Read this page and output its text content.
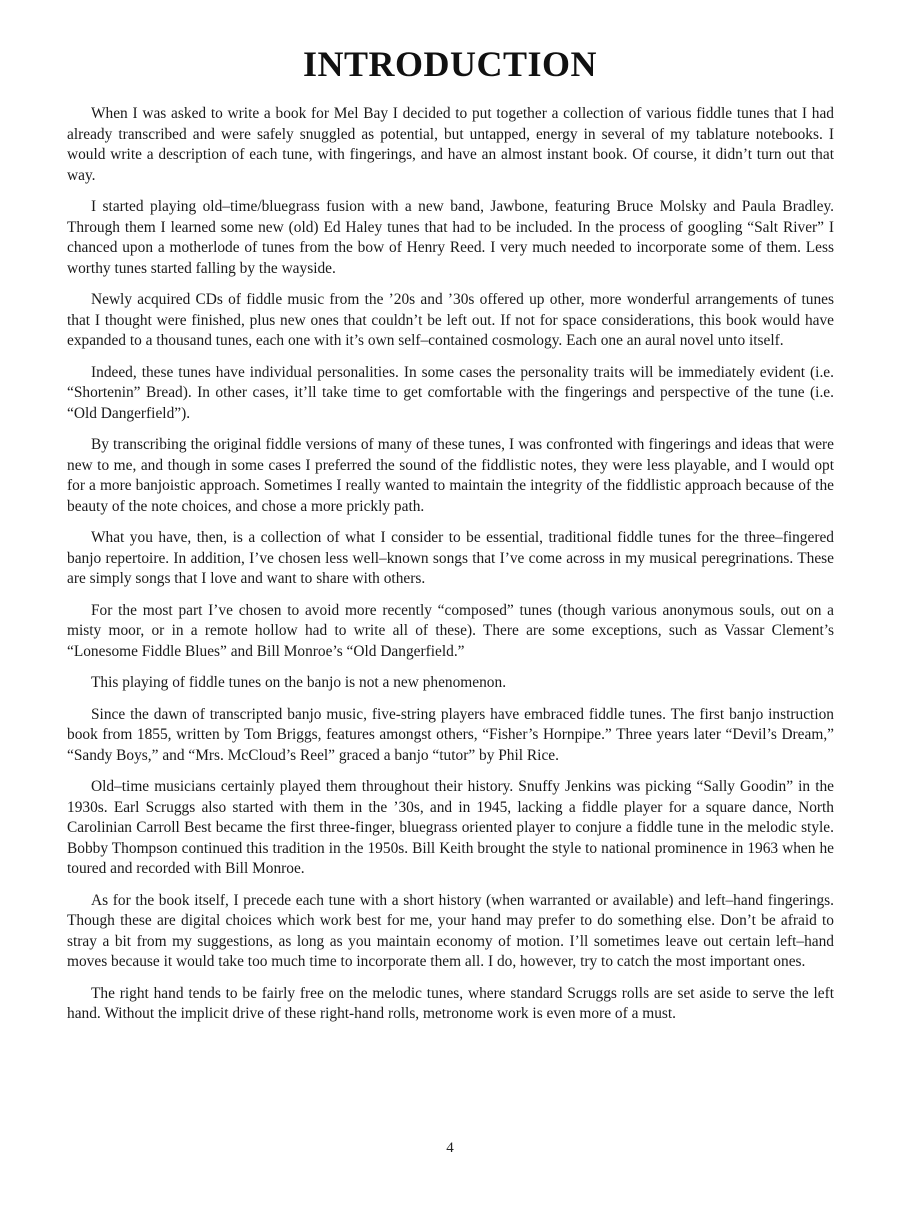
INTRODUCTION

When I was asked to write a book for Mel Bay I decided to put together a collection of various fiddle tunes that I had already transcribed and were safely snuggled as potential, but untapped, energy in several of my tablature notebooks. I would write a description of each tune, with fingerings, and have an almost instant book. Of course, it didn’t turn out that way.

I started playing old–time/bluegrass fusion with a new band, Jawbone, featuring Bruce Molsky and Paula Bradley. Through them I learned some new (old) Ed Haley tunes that had to be included. In the process of googling “Salt River” I chanced upon a motherlode of tunes from the bow of Henry Reed. I very much needed to incorporate some of them. Less worthy tunes started falling by the wayside.

Newly acquired CDs of fiddle music from the ’20s and ’30s offered up other, more wonderful arrangements of tunes that I thought were finished, plus new ones that couldn’t be left out. If not for space considerations, this book would have expanded to a thousand tunes, each one with it’s own self–contained cosmology. Each one an aural novel unto itself.

Indeed, these tunes have individual personalities. In some cases the personality traits will be immediately evident (i.e. “Shortenin” Bread). In other cases, it’ll take time to get comfortable with the fingerings and perspective of the tune (i.e. “Old Dangerfield”).

By transcribing the original fiddle versions of many of these tunes, I was confronted with fingerings and ideas that were new to me, and though in some cases I preferred the sound of the fiddlistic notes, they were less playable, and I would opt for a more banjoistic approach. Sometimes I really wanted to maintain the integrity of the fiddlistic approach because of the beauty of the note choices, and chose a more prickly path.

What you have, then, is a collection of what I consider to be essential, traditional fiddle tunes for the three–fingered banjo repertoire. In addition, I’ve chosen less well–known songs that I’ve come across in my musical peregrinations. These are simply songs that I love and want to share with others.

For the most part I’ve chosen to avoid more recently “composed” tunes (though various anonymous souls, out on a misty moor, or in a remote hollow had to write all of these). There are some exceptions, such as Vassar Clement’s “Lonesome Fiddle Blues” and Bill Monroe’s “Old Dangerfield.”

This playing of fiddle tunes on the banjo is not a new phenomenon.

Since the dawn of transcripted banjo music, five-string players have embraced fiddle tunes. The first banjo instruction book from 1855, written by Tom Briggs, features amongst others, “Fisher’s Hornpipe.” Three years later “Devil’s Dream,” “Sandy Boys,” and “Mrs. McCloud’s Reel” graced a banjo “tutor” by Phil Rice.

Old–time musicians certainly played them throughout their history. Snuffy Jenkins was picking “Sally Goodin” in the 1930s. Earl Scruggs also started with them in the ’30s, and in 1945, lacking a fiddle player for a square dance, North Carolinian Carroll Best became the first three-finger, bluegrass oriented player to conjure a fiddle tune in the melodic style. Bobby Thompson continued this tradition in the 1950s. Bill Keith brought the style to national prominence in 1963 when he toured and recorded with Bill Monroe.

As for the book itself, I precede each tune with a short history (when warranted or available) and left–hand fingerings. Though these are digital choices which work best for me, your hand may prefer to do something else. Don’t be afraid to stray a bit from my suggestions, as long as you maintain economy of motion. I’ll sometimes leave out certain left–hand moves because it would take too much time to incorporate them all. I do, however, try to catch the most important ones.

The right hand tends to be fairly free on the melodic tunes, where standard Scruggs rolls are set aside to serve the left hand. Without the implicit drive of these right-hand rolls, metronome work is even more of a must.

4
